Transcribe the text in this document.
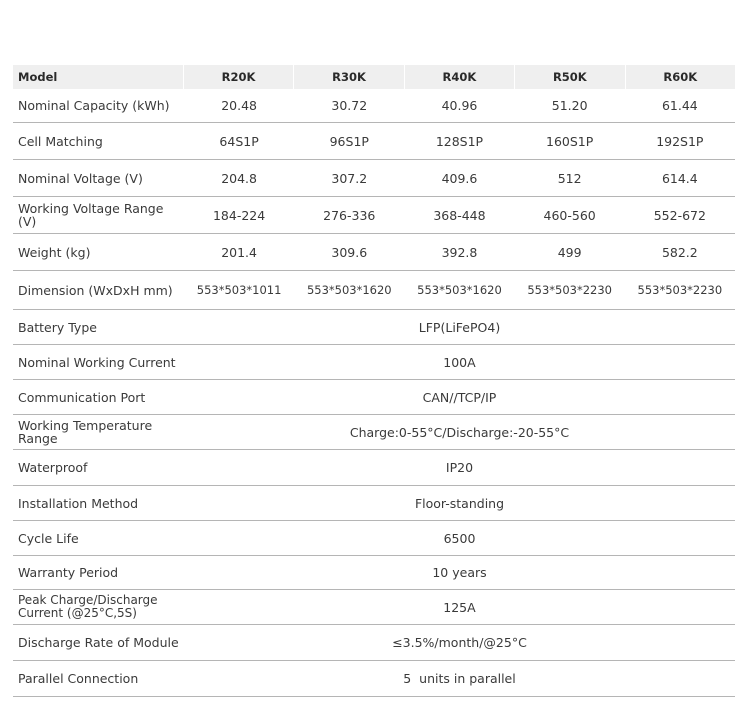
Model	R20K	R30K	R40K	R50K	R60K
Nominal Capacity (kWh)	20.48	30.72	40.96	51.20	61.44
Cell Matching	64S1P	96S1P	128S1P	160S1P	192S1P
Nominal Voltage (V)	204.8	307.2	409.6	512	614.4
Working Voltage Range (V)	184-224	276-336	368-448	460-560	552-672
Weight (kg)	201.4	309.6	392.8	499	582.2
Dimension (WxDxH mm)	553*503*1011	553*503*1620	553*503*1620	553*503*2230	553*503*2230
Battery Type	LFP(LiFePO4)
Nominal Working Current	100A
Communication Port	CAN//TCP/IP
Working Temperature Range	Charge:0-55°C/Discharge:-20-55°C
Waterproof	IP20
Installation Method	Floor-standing
Cycle Life	6500
Warranty Period	10 years
Peak Charge/Discharge
Current (@25°C,5S)	125A
Discharge Rate of Module	≤3.5%/month/@25°C
Parallel Connection	5  units in parallel
